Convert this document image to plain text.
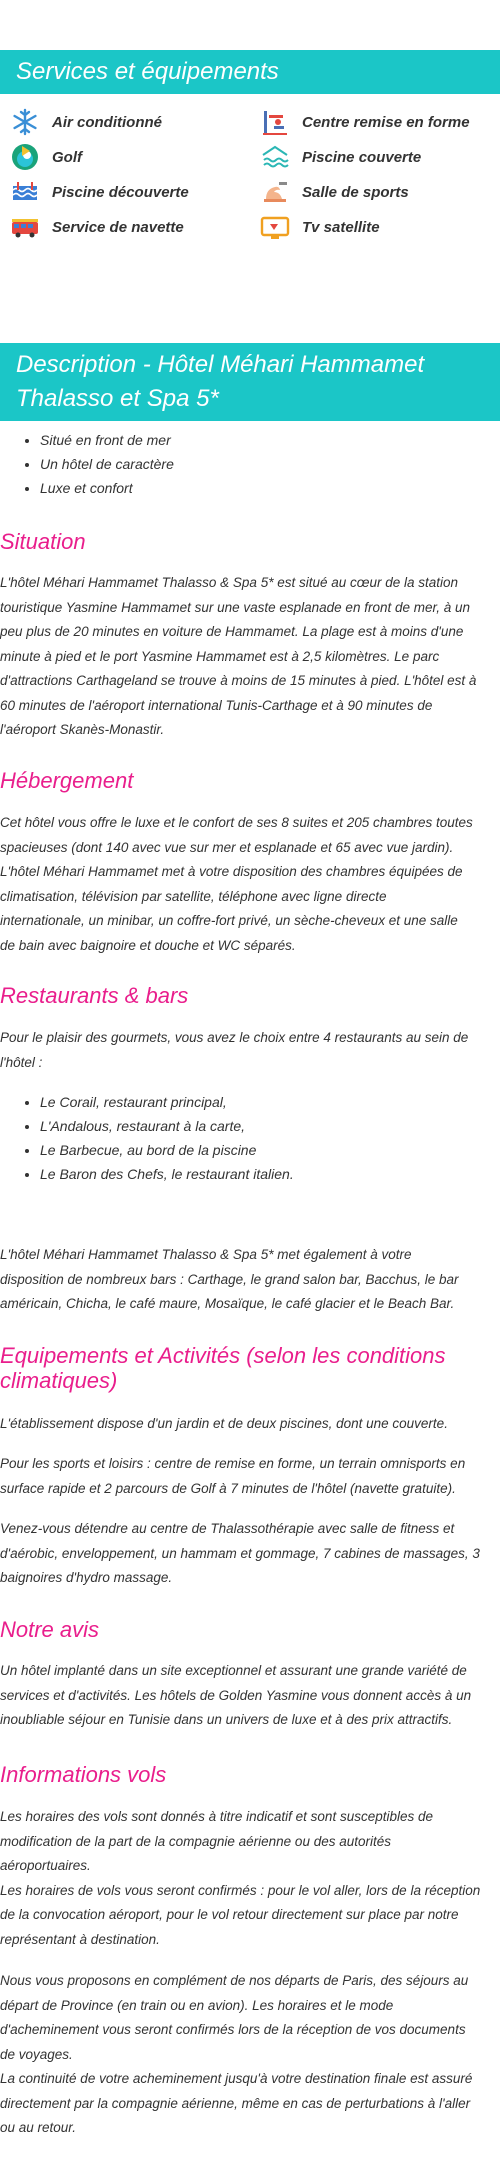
Services et équipements
Air conditionné	Centre remise en forme
Golf	Piscine couverte
Piscine découverte	Salle de sports
Service de navette	Tv satellite
Description - Hôtel Méhari Hammamet
Thalasso et Spa 5*
• Situé en front de mer
• Un hôtel de caractère
• Luxe et confort
Situation

L'hôtel Méhari Hammamet Thalasso & Spa 5* est situé au cœur de la station
touristique Yasmine Hammamet sur une vaste esplanade en front de mer, à un
peu plus de 20 minutes en voiture de Hammamet. La plage est à moins d'une
minute à pied et le port Yasmine Hammamet est à 2,5 kilomètres. Le parc
d'attractions Carthageland se trouve à moins de 15 minutes à pied. L'hôtel est à
60 minutes de l'aéroport international Tunis-Carthage et à 90 minutes de
l'aéroport Skanès-Monastir.

Hébergement

Cet hôtel vous offre le luxe et le confort de ses 8 suites et 205 chambres toutes
spacieuses (dont 140 avec vue sur mer et esplanade et 65 avec vue jardin).
L'hôtel Méhari Hammamet met à votre disposition des chambres équipées de
climatisation, télévision par satellite, téléphone avec ligne directe
internationale, un minibar, un coffre-fort privé, un sèche-cheveux et une salle
de bain avec baignoire et douche et WC séparés.

Restaurants & bars

Pour le plaisir des gourmets, vous avez le choix entre 4 restaurants au sein de
l'hôtel :

• Le Corail, restaurant principal,
• L'Andalous, restaurant à la carte,
• Le Barbecue, au bord de la piscine
• Le Baron des Chefs, le restaurant italien.

L'hôtel Méhari Hammamet Thalasso & Spa 5* met également à votre
disposition de nombreux bars : Carthage, le grand salon bar, Bacchus, le bar
américain, Chicha, le café maure, Mosaïque, le café glacier et le Beach Bar.

Equipements et Activités (selon les conditions
climatiques)

L'établissement dispose d'un jardin et de deux piscines, dont une couverte.

Pour les sports et loisirs : centre de remise en forme, un terrain omnisports en
surface rapide et 2 parcours de Golf à 7 minutes de l'hôtel (navette gratuite).

Venez-vous détendre au centre de Thalassothérapie avec salle de fitness et
d'aérobic, enveloppement, un hammam et gommage, 7 cabines de massages, 3
baignoires d'hydro massage.

Notre avis

Un hôtel implanté dans un site exceptionnel et assurant une grande variété de
services et d'activités. Les hôtels de Golden Yasmine vous donnent accès à un
inoubliable séjour en Tunisie dans un univers de luxe et à des prix attractifs.

Informations vols

Les horaires des vols sont donnés à titre indicatif et sont susceptibles de
modification de la part de la compagnie aérienne ou des autorités
aéroportuaires.
Les horaires de vols vous seront confirmés : pour le vol aller, lors de la réception
de la convocation aéroport, pour le vol retour directement sur place par notre
représentant à destination.

Nous vous proposons en complément de nos départs de Paris, des séjours au
départ de Province (en train ou en avion). Les horaires et le mode
d'acheminement vous seront confirmés lors de la réception de vos documents
de voyages.
La continuité de votre acheminement jusqu'à votre destination finale est assuré
directement par la compagnie aérienne, même en cas de perturbations à l'aller
ou au retour.
